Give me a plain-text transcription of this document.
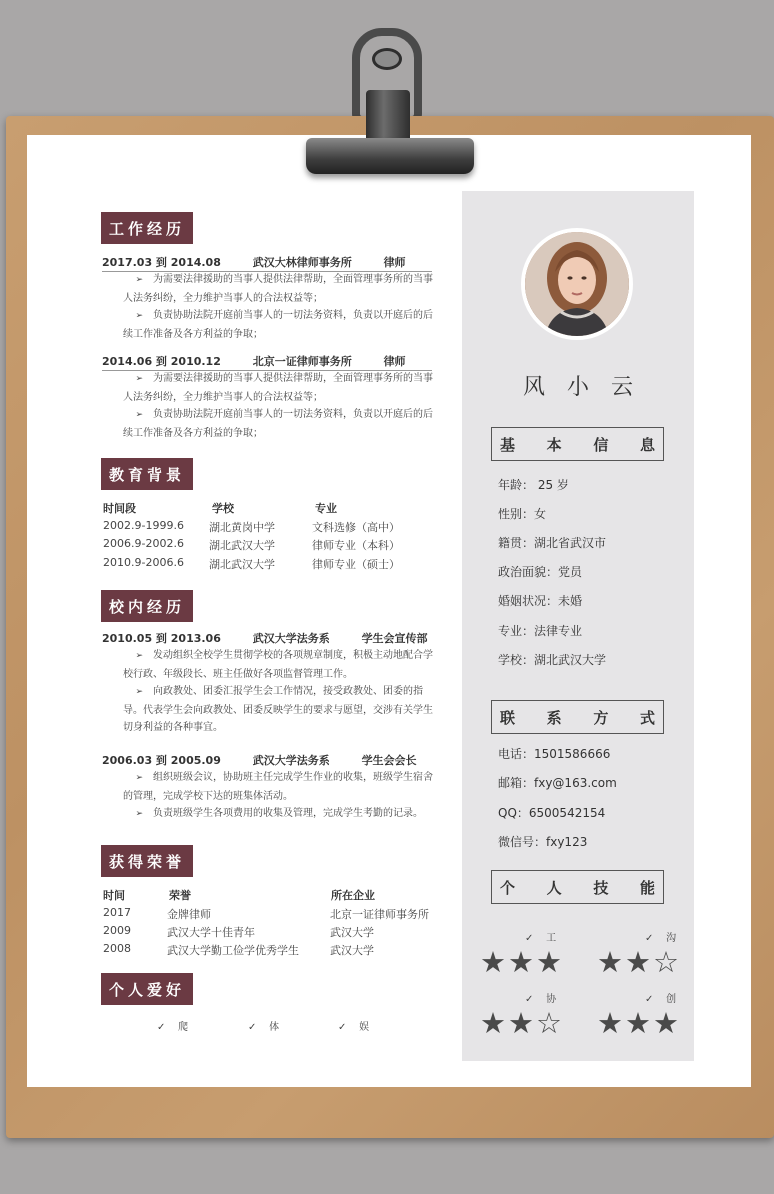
工作经历
2017.03 到 2014.08	武汉大林律师事务所	律师
➢ 为需要法律援助的当事人提供法律帮助，全面管理事务所的当事人法务纠纷，全力维护当事人的合法权益等；
➢ 负责协助法院开庭前当事人的一切法务资料，负责以开庭后的后续工作准备及各方利益的争取；
2014.06 到 2010.12	北京一证律师事务所	律师
➢ 为需要法律援助的当事人提供法律帮助，全面管理事务所的当事人法务纠纷，全力维护当事人的合法权益等；
➢ 负责协助法院开庭前当事人的一切法务资料，负责以开庭后的后续工作准备及各方利益的争取；
教育背景
时间段	学校	专业
2002.9-1999.6 湖北黄岗中学	文科选修（高中）
2006.9-2002.6 湖北武汉大学	律师专业（本科）
2010.9-2006.6 湖北武汉大学	律师专业（硕士）
校内经历
2010.05 到 2013.06	武汉大学法务系	学生会宣传部
➢ 发动组织全校学生贯彻学校的各项规章制度，积极主动地配合学校行政、年级段长、班主任做好各项监督管理工作。
➢ 向政教处、团委汇报学生会工作情况，接受政教处、团委的指导。代表学生会向政教处、团委反映学生的要求与愿望，交涉有关学生切身利益的各种事宜。
2006.03 到 2005.09	武汉大学法务系	学生会会长
➢ 组织班级会议，协助班主任完成学生作业的收集，班级学生宿舍的管理，完成学校下达的班集体活动。
➢ 负责班级学生各项费用的收集及管理，完成学生考勤的记录。
获得荣誉
时间	荣誉	所在企业
2017	金牌律师	北京一证律师事务所
2009	武汉大学十佳青年	武汉大学
2008	武汉大学勤工俭学优秀学生	武汉大学
个人爱好
✓ 爬	✓ 体	✓ 娱
风小云
基 本 信 息
年龄： 25 岁
性别：女
籍贯：湖北省武汉市
政治面貌：党员
婚姻状况：未婚
专业：法律专业
学校：湖北武汉大学
联 系 方 式
电话：1501586666
邮箱：fxy@163.com
QQ：6500542154
微信号：fxy123
个 人 技 能
✓ 工
★★★
✓ 沟
★★☆
✓ 协
★★☆
✓ 创
★★★
